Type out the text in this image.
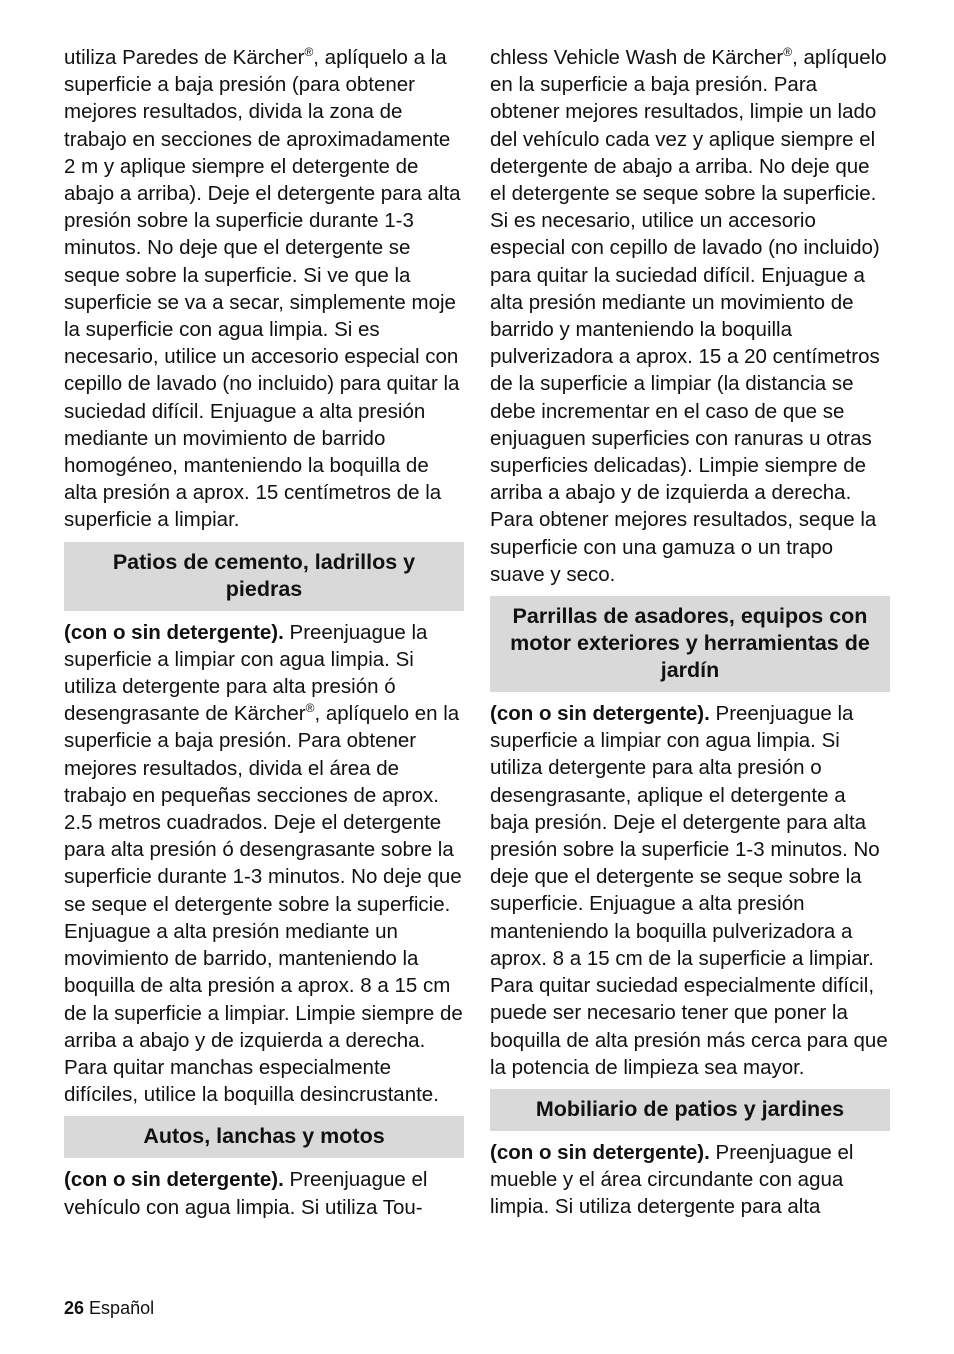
utiliza Paredes de Kärcher®, aplíquelo a la superficie a baja presión (para obtener mejores resultados, divida la zona de trabajo en secciones de aproximadamente 2 m y aplique siempre el detergente de abajo a arriba). Deje el detergente para alta presión sobre la superficie durante 1-3 minutos. No deje que el detergente se seque sobre la superficie. Si ve que la superficie se va a secar, simplemente moje la superficie con agua limpia. Si es necesario, utilice un accesorio especial con cepillo de lavado (no incluido) para quitar la suciedad difícil. Enjuague a alta presión mediante un movimiento de barrido homogéneo, manteniendo la boquilla de alta presión a aprox. 15 centímetros de la superficie a limpiar.

Patios de cemento, ladrillos y piedras

(con o sin detergente). Preenjuague la superficie a limpiar con agua limpia. Si utiliza detergente para alta presión ó desengrasante de Kärcher®, aplíquelo en la superficie a baja presión. Para obtener mejores resultados, divida el área de trabajo en pequeñas secciones de aprox. 2.5 metros cuadrados. Deje el detergente para alta presión ó desengrasante sobre la superficie durante 1-3 minutos. No deje que se seque el detergente sobre la superficie. Enjuague a alta presión mediante un movimiento de barrido, manteniendo la boquilla de alta presión a aprox. 8 a 15 cm de la superficie a limpiar. Limpie siempre de arriba a abajo y de izquierda a derecha. Para quitar manchas especialmente difíciles, utilice la boquilla desincrustante.

Autos, lanchas y motos

(con o sin detergente). Preenjuague el vehículo con agua limpia. Si utiliza Tou-

chless Vehicle Wash de Kärcher®, aplíquelo en la superficie a baja presión. Para obtener mejores resultados, limpie un lado del vehículo cada vez y aplique siempre el detergente de abajo a arriba. No deje que el detergente se seque sobre la superficie. Si es necesario, utilice un accesorio especial con cepillo de lavado (no incluido) para quitar la suciedad difícil. Enjuague a alta presión mediante un movimiento de barrido y manteniendo la boquilla pulverizadora a aprox. 15 a 20 centímetros de la superficie a limpiar (la distancia se debe incrementar en el caso de que se enjuaguen superficies con ranuras u otras superficies delicadas). Limpie siempre de arriba a abajo y de izquierda a derecha. Para obtener mejores resultados, seque la superficie con una gamuza o un trapo suave y seco.

Parrillas de asadores, equipos con motor exteriores y herramientas de jardín

(con o sin detergente). Preenjuague la superficie a limpiar con agua limpia. Si utiliza detergente para alta presión o desengrasante, aplique el detergente a baja presión. Deje el detergente para alta presión sobre la superficie 1-3 minutos. No deje que el detergente se seque sobre la superficie. Enjuague a alta presión manteniendo la boquilla pulverizadora a aprox. 8 a 15 cm de la superficie a limpiar. Para quitar suciedad especialmente difícil, puede ser necesario tener que poner la boquilla de alta presión más cerca para que la potencia de limpieza sea mayor.

Mobiliario de patios y jardines

(con o sin detergente). Preenjuague el mueble y el área circundante con agua limpia. Si utiliza detergente para alta

26 Español
